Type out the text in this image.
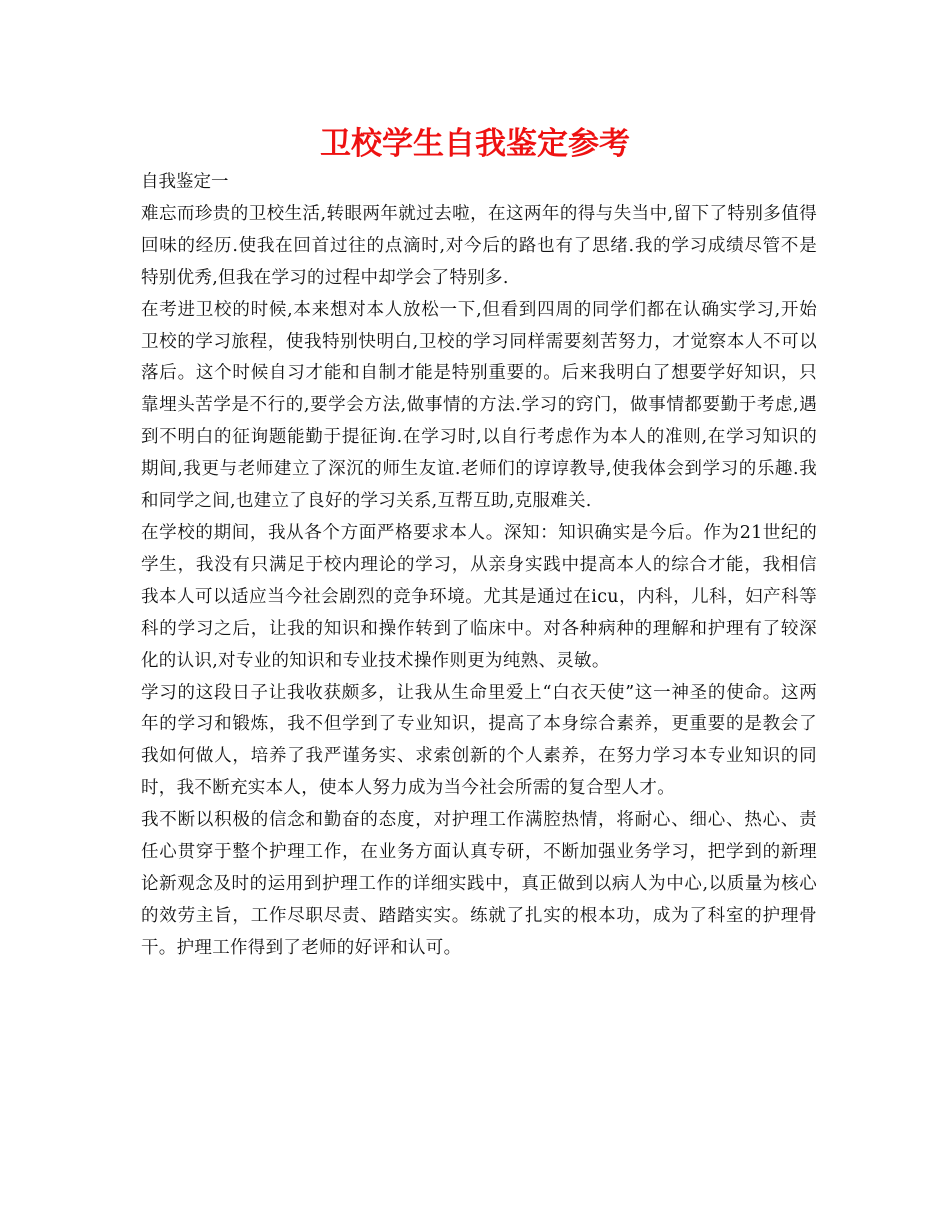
卫校学生自我鉴定参考

自我鉴定一

难忘而珍贵的卫校生活,转眼两年就过去啦，在这两年的得与失当中,留下了特别多值得回味的经历.使我在回首过往的点滴时,对今后的路也有了思绪.我的学习成绩尽管不是特别优秀,但我在学习的过程中却学会了特别多.

在考进卫校的时候,本来想对本人放松一下,但看到四周的同学们都在认确实学习,开始卫校的学习旅程，使我特别快明白,卫校的学习同样需要刻苦努力，才觉察本人不可以落后。这个时候自习才能和自制才能是特别重要的。后来我明白了想要学好知识，只靠埋头苦学是不行的,要学会方法,做事情的方法.学习的窍门，做事情都要勤于考虑,遇到不明白的征询题能勤于提征询.在学习时,以自行考虑作为本人的准则,在学习知识的期间,我更与老师建立了深沉的师生友谊.老师们的谆谆教导,使我体会到学习的乐趣.我和同学之间,也建立了良好的学习关系,互帮互助,克服难关.

在学校的期间，我从各个方面严格要求本人。深知：知识确实是今后。作为21世纪的学生，我没有只满足于校内理论的学习，从亲身实践中提高本人的综合才能，我相信我本人可以适应当今社会剧烈的竞争环境。尤其是通过在icu，内科，儿科，妇产科等科的学习之后，让我的知识和操作转到了临床中。对各种病种的理解和护理有了较深化的认识,对专业的知识和专业技术操作则更为纯熟、灵敏。

学习的这段日子让我收获颇多，让我从生命里爱上“白衣天使”这一神圣的使命。这两年的学习和锻炼，我不但学到了专业知识，提高了本身综合素养，更重要的是教会了我如何做人，培养了我严谨务实、求索创新的个人素养，在努力学习本专业知识的同时，我不断充实本人，使本人努力成为当今社会所需的复合型人才。

我不断以积极的信念和勤奋的态度，对护理工作满腔热情，将耐心、细心、热心、责任心贯穿于整个护理工作，在业务方面认真专研，不断加强业务学习，把学到的新理论新观念及时的运用到护理工作的详细实践中，真正做到以病人为中心,以质量为核心的效劳主旨，工作尽职尽责、踏踏实实。练就了扎实的根本功，成为了科室的护理骨干。护理工作得到了老师的好评和认可。
